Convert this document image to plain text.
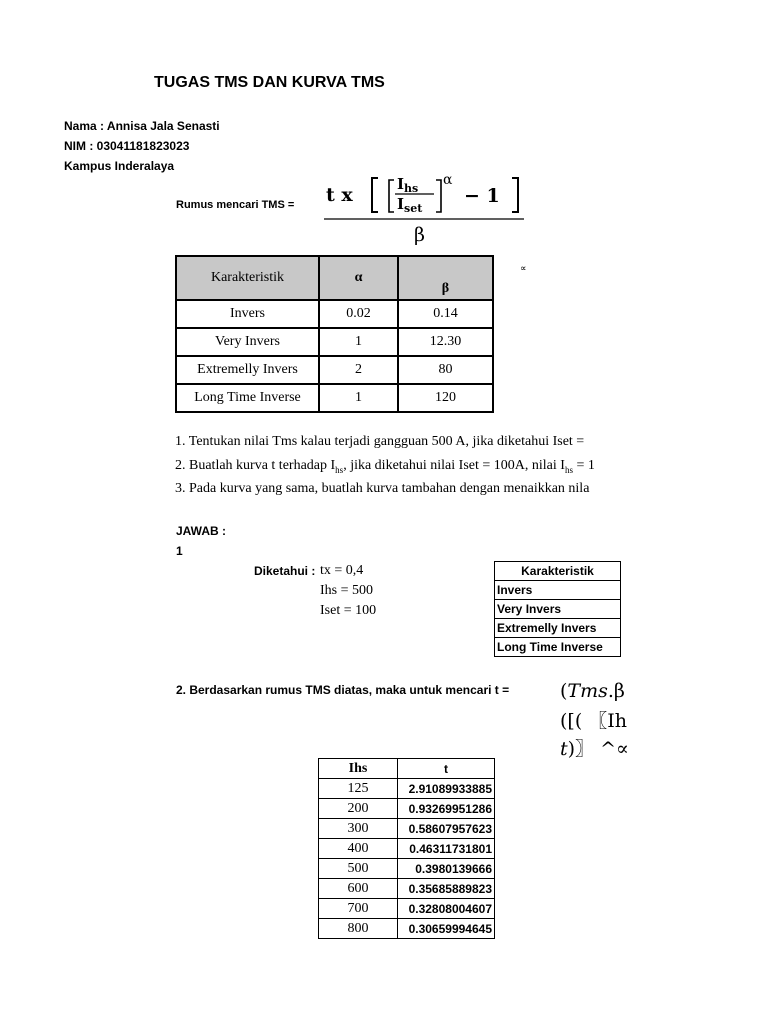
TUGAS TMS DAN KURVA TMS
Nama : Annisa Jala Senasti
NIM : 03041181823023
Kampus Inderalaya
Rumus mencari TMS = t x	$I_{hs}$
$I_{set}$
α
− 1
β
Karakteristik	α	β
Invers	0.02	0.14
Very Invers	1	12.30
Extremelly Invers	2	80
Long Time Inverse	1	120
∝
1. Tentukan nilai Tms kalau terjadi gangguan 500 A, jika diketahui Iset =
2. Buatlah kurva t terhadap $I_{hs}$, jika diketahui nilai Iset = 100A, nilai $I_{hs} = 1$
3. Pada kurva yang sama, buatlah kurva tambahan dengan menaikkan nila
JAWAB :
1
Diketahui : tx = 0,4
Ihs = 500
Iset = 100
Karakteristik
Invers
Very Invers
Extremelly Invers
Long Time Inverse
2. Berdasarkan rumus TMS diatas, maka untuk mencari t =	(𝑇𝑚𝑠.β
([( 〖Ih
𝑡)〗 ^∝
Ihs	t
125	2.91089933885
200	0.93269951286
300	0.58607957623
400	0.46311731801
500	0.3980139666
600	0.35685889823
700	0.32808004607
800	0.30659994645
